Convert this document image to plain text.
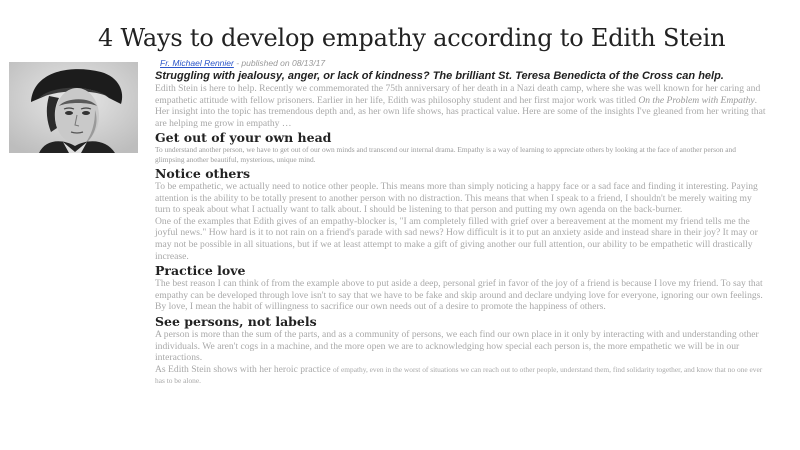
4 Ways to develop empathy according to Edith Stein
Fr. Michael Rennier - published on 08/13/17
Struggling with jealousy, anger, or lack of kindness? The brilliant St. Teresa Benedicta of the Cross can help.

Edith Stein is here to help. Recently we commemorated the 75th anniversary of her death in a Nazi death camp, where she was well known for her caring and empathetic attitude with fellow prisoners. Earlier in her life, Edith was philosophy student and her first major work was titled On the Problem with Empathy. Her insight into the topic has tremendous depth and, as her own life shows, has practical value. Here are some of the insights I've gleaned from her writing that are helping me grow in empathy …

Get out of your own head

To understand another person, we have to get out of our own minds and transcend our internal drama. Empathy is a way of learning to appreciate others by looking at the face of another person and glimpsing another beautiful, mysterious, unique mind.

Notice others

To be empathetic, we actually need to notice other people. This means more than simply noticing a happy face or a sad face and finding it interesting. Paying attention is the ability to be totally present to another person with no distraction. This means that when I speak to a friend, I shouldn't be merely waiting my turn to speak about what I actually want to talk about. I should be listening to that person and putting my own agenda on the back-burner.

One of the examples that Edith gives of an empathy-blocker is, "I am completely filled with grief over a bereavement at the moment my friend tells me the joyful news." How hard is it to not rain on a friend's parade with sad news? How difficult is it to put an anxiety aside and instead share in their joy? It may or may not be possible in all situations, but if we at least attempt to make a gift of giving another our full attention, our ability to be empathetic will drastically increase.

Practice love

The best reason I can think of from the example above to put aside a deep, personal grief in favor of the joy of a friend is because I love my friend. To say that empathy can be developed through love isn't to say that we have to be fake and skip around and declare undying love for everyone, ignoring our own feelings. By love, I mean the habit of willingness to sacrifice our own needs out of a desire to promote the happiness of others.

See persons, not labels

A person is more than the sum of the parts, and as a community of persons, we each find our own place in it only by interacting with and understanding other individuals. We aren't cogs in a machine, and the more open we are to acknowledging how special each person is, the more empathetic we will be in our interactions.

As Edith Stein shows with her heroic practice of empathy, even in the worst of situations we can reach out to other people, understand them, find solidarity together, and know that no one ever has to be alone.
